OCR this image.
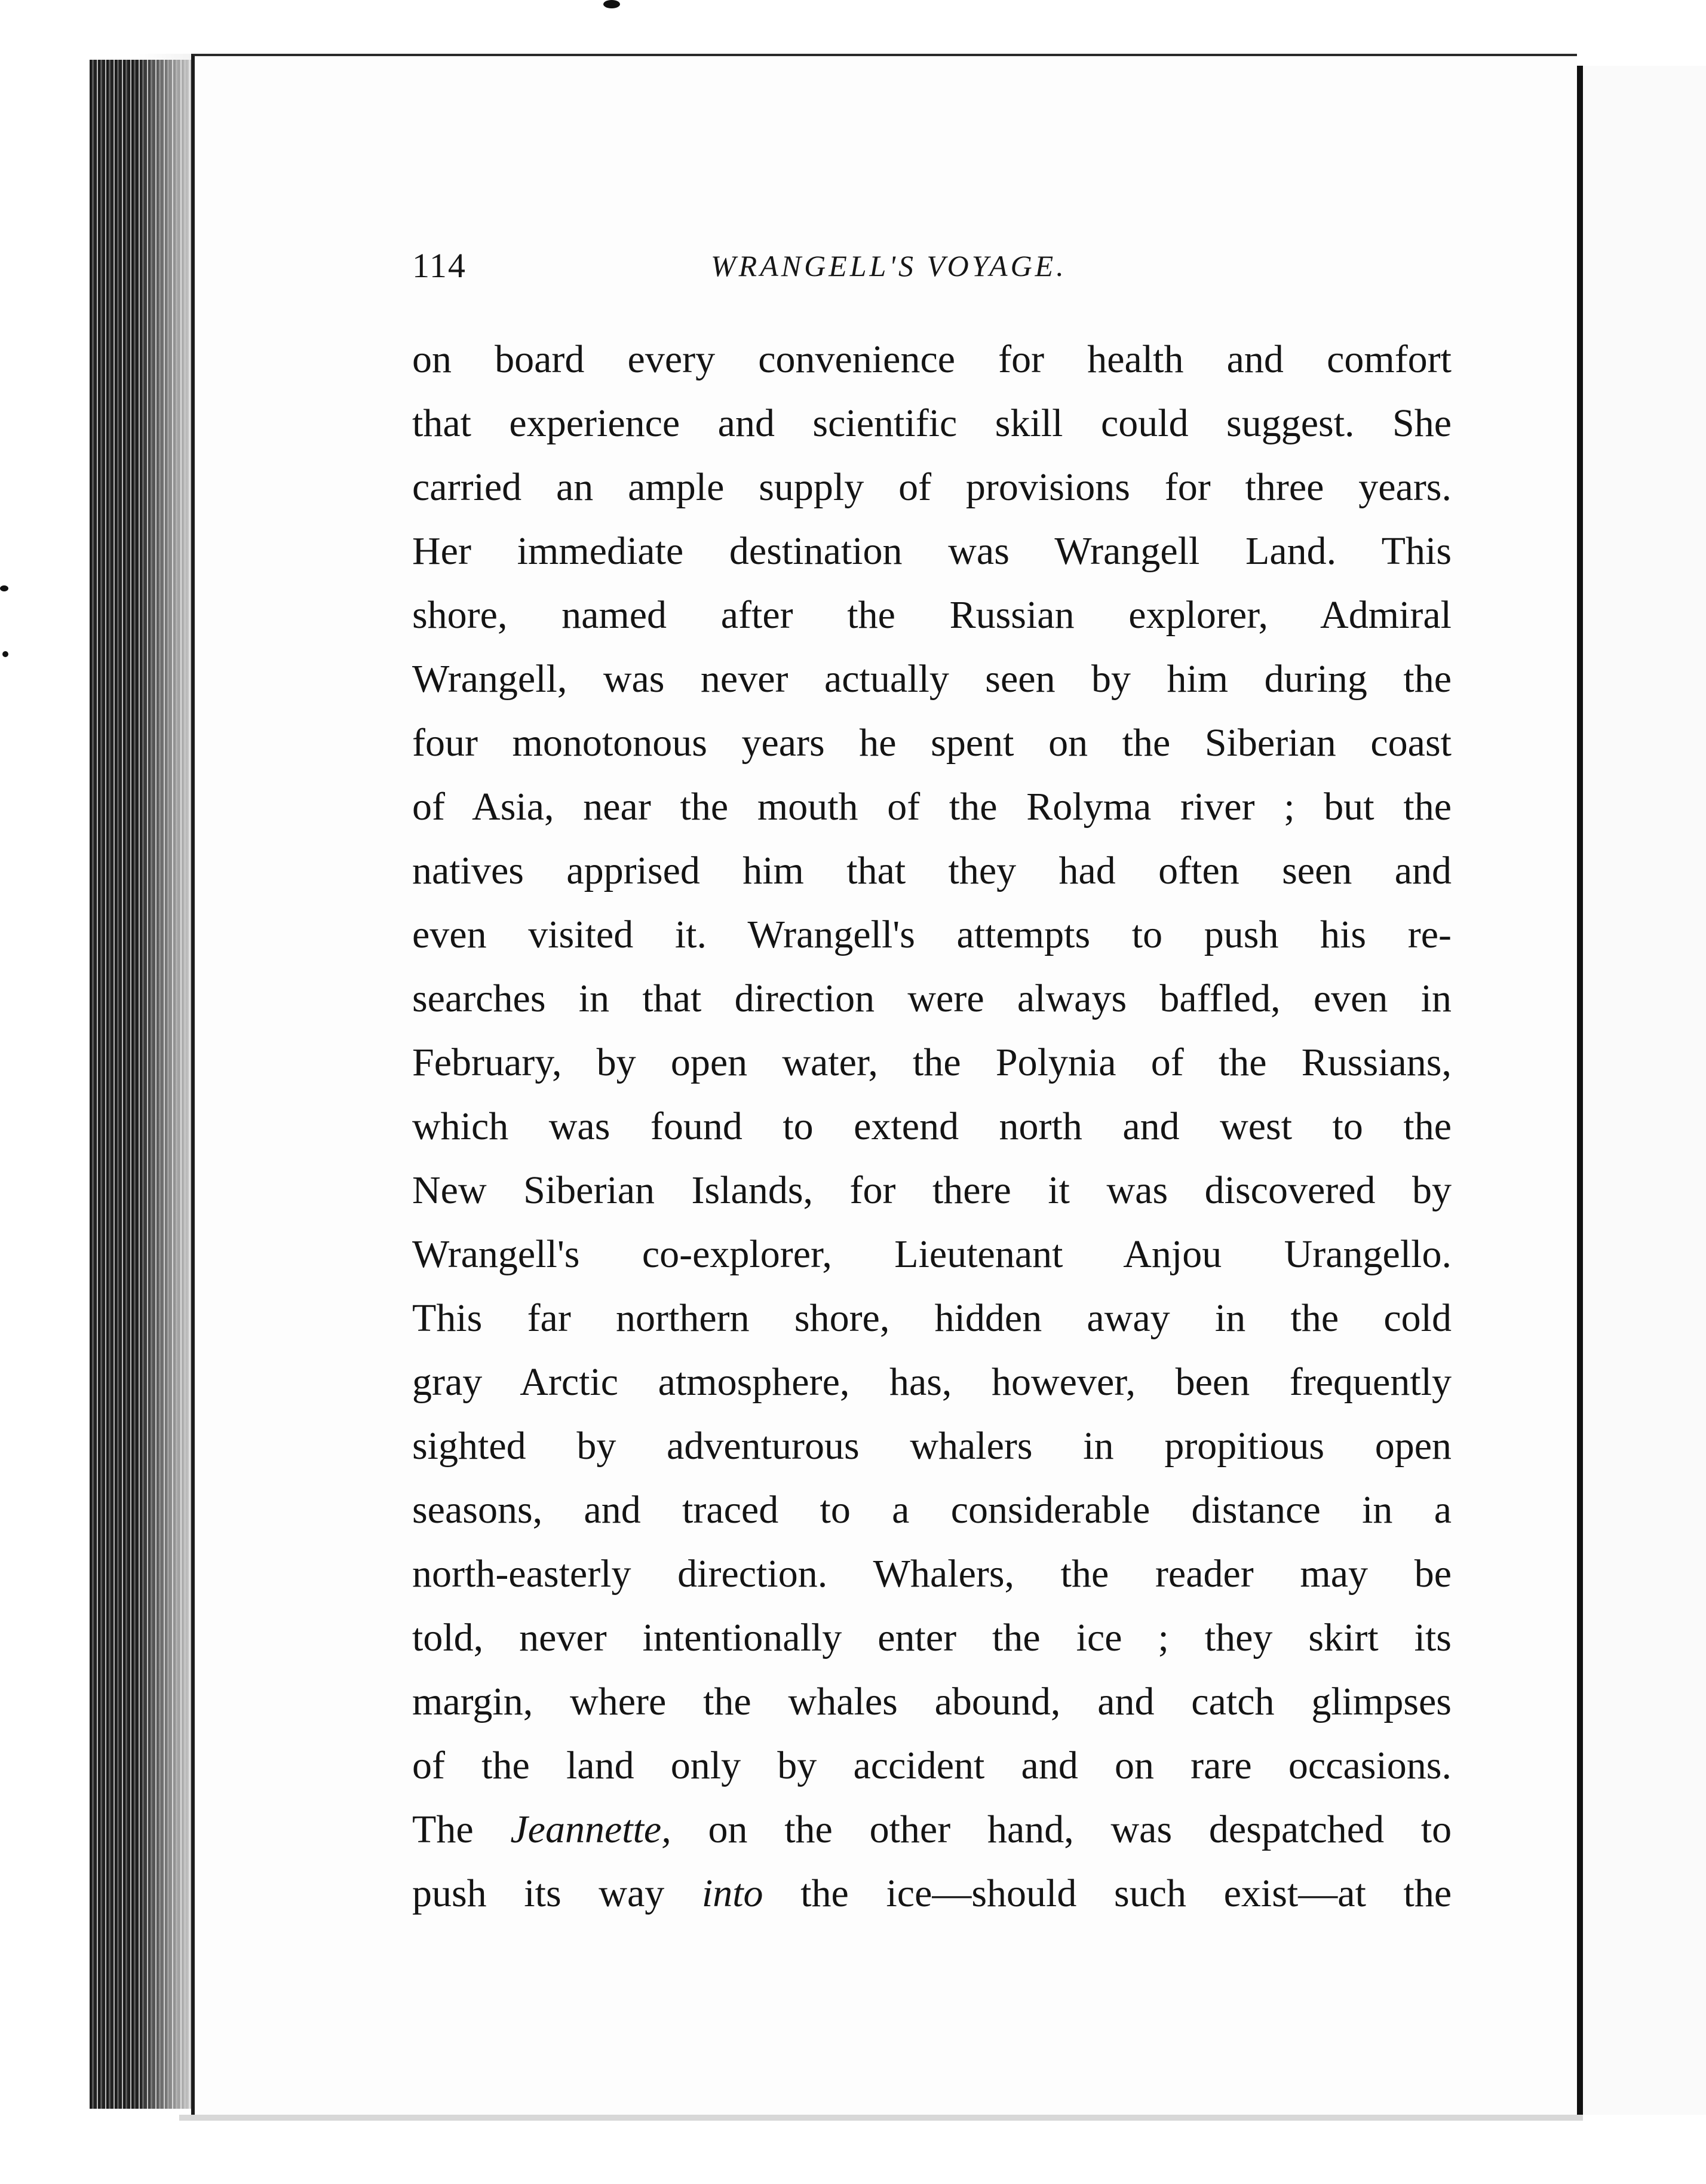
114	WRANGELL'S VOYAGE.
on board every convenience for health and comfort
that experience and scientific skill could suggest. She
carried an ample supply of provisions for three years.
Her immediate destination was Wrangell Land. This
shore, named after the Russian explorer, Admiral
Wrangell, was never actually seen by him during the
four monotonous years he spent on the Siberian coast
of Asia, near the mouth of the Rolyma river ; but the
natives apprised him that they had often seen and
even visited it. Wrangell's attempts to push his re-
searches in that direction were always baffled, even in
February, by open water, the Polynia of the Russians,
which was found to extend north and west to the
New Siberian Islands, for there it was discovered by
Wrangell's co-explorer, Lieutenant Anjou Urangello.
This far northern shore, hidden away in the cold
gray Arctic atmosphere, has, however, been frequently
sighted by adventurous whalers in propitious open
seasons, and traced to a considerable distance in a
north-easterly direction. Whalers, the reader may be
told, never intentionally enter the ice ; they skirt its
margin, where the whales abound, and catch glimpses
of the land only by accident and on rare occasions.
The Jeannette, on the other hand, was despatched to
push its way into the ice—should such exist—at the
